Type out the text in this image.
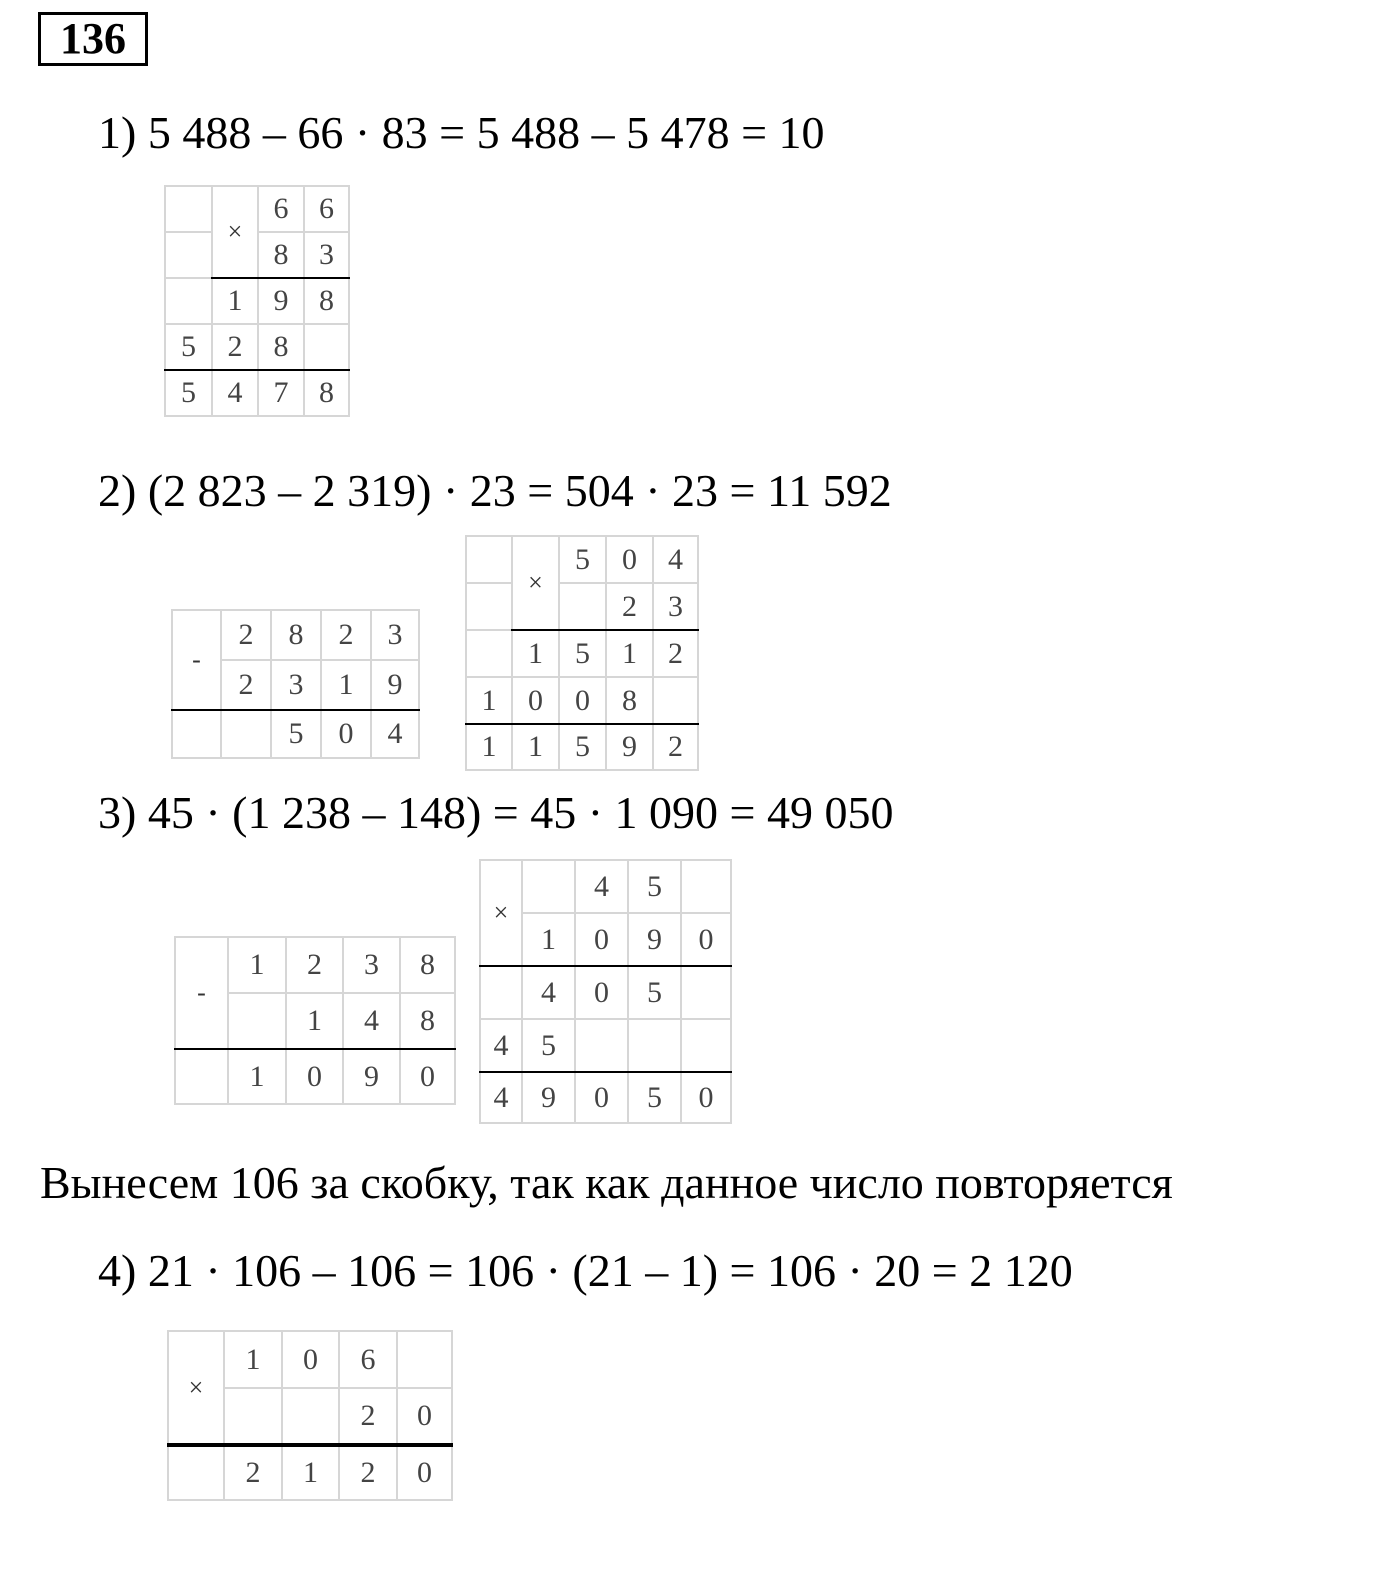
136
1) 5 488 – 66 · 83 = 5 488 – 5 478 = 10
	×	6	6
		8	3
	1	9	8
5	2	8	
5	4	7	8
2) (2 823 – 2 319) · 23 = 504 · 23 = 11 592
-	2	8	2	3
	2	3	1	9
		5	0	4
	×	5	0	4
			2	3
	1	5	1	2
1	0	0	8	
1	1	5	9	2
3) 45 · (1 238 – 148) = 45 · 1 090 = 49 050
-	1	2	3	8
		1	4	8
	1	0	9	0
×		4	5	
	1	0	9	0
	4	0	5	
4	5			
4	9	0	5	0
Вынесем 106 за скобку, так как данное число повторяется
4) 21 · 106 – 106 = 106 · (21 – 1) = 106 · 20 = 2 120
×	1	0	6	
			2	0
	2	1	2	0
